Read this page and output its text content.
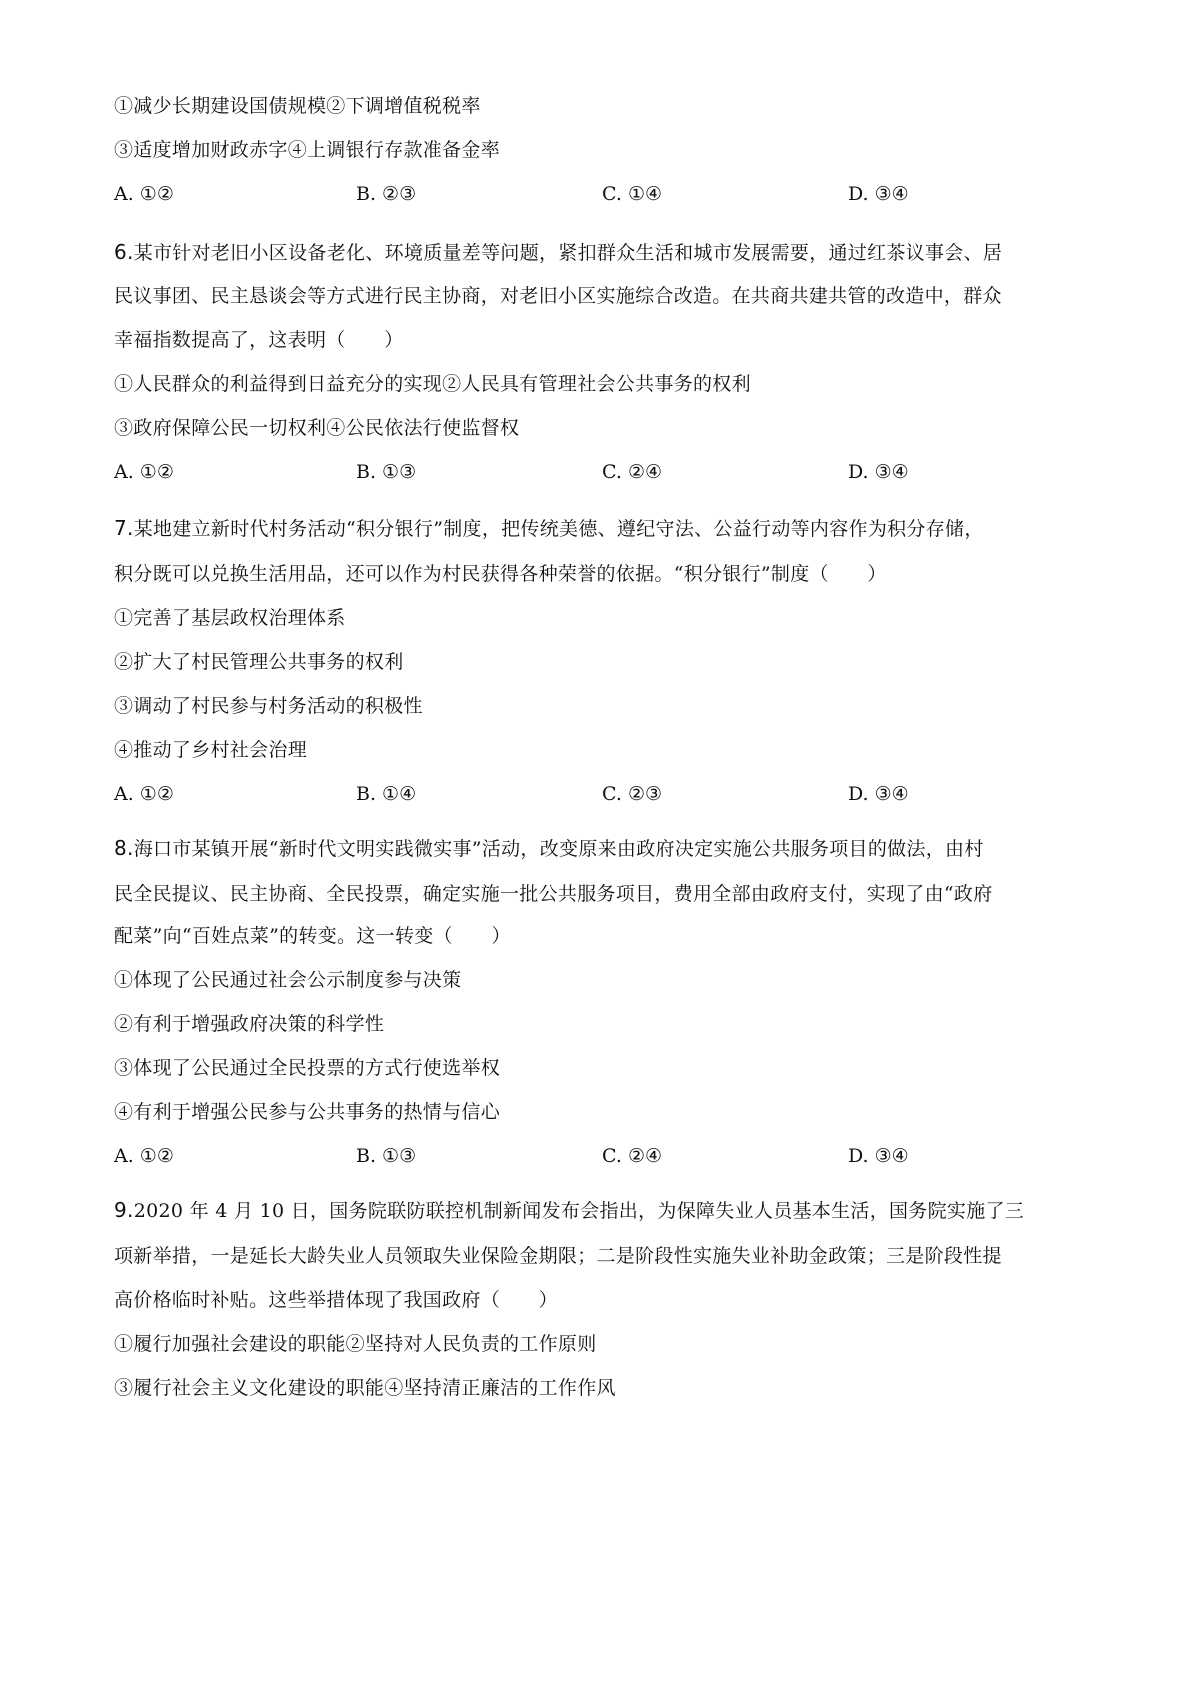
①减少长期建设国债规模②下调增值税税率
③适度增加财政赤字④上调银行存款准备金率
A. ①②	B. ②③	C. ①④	D. ③④
6.某市针对老旧小区设备老化、环境质量差等问题，紧扣群众生活和城市发展需要，通过红茶议事会、居
民议事团、民主恳谈会等方式进行民主协商，对老旧小区实施综合改造。在共商共建共管的改造中，群众
幸福指数提高了，这表明（　　）
①人民群众的利益得到日益充分的实现②人民具有管理社会公共事务的权利
③政府保障公民一切权利④公民依法行使监督权
A. ①②	B. ①③	C. ②④	D. ③④
7.某地建立新时代村务活动“积分银行”制度，把传统美德、遵纪守法、公益行动等内容作为积分存储，
积分既可以兑换生活用品，还可以作为村民获得各种荣誉的依据。“积分银行”制度（　　）
①完善了基层政权治理体系
②扩大了村民管理公共事务的权利
③调动了村民参与村务活动的积极性
④推动了乡村社会治理
A. ①②	B. ①④	C. ②③	D. ③④
8.海口市某镇开展“新时代文明实践微实事”活动，改变原来由政府决定实施公共服务项目的做法，由村
民全民提议、民主协商、全民投票，确定实施一批公共服务项目，费用全部由政府支付，实现了由“政府
配菜”向“百姓点菜”的转变。这一转变（　　）
①体现了公民通过社会公示制度参与决策
②有利于增强政府决策的科学性
③体现了公民通过全民投票的方式行使选举权
④有利于增强公民参与公共事务的热情与信心
A. ①②	B. ①③	C. ②④	D. ③④
9.2020 年 4 月 10 日，国务院联防联控机制新闻发布会指出，为保障失业人员基本生活，国务院实施了三
项新举措，一是延长大龄失业人员领取失业保险金期限；二是阶段性实施失业补助金政策；三是阶段性提
高价格临时补贴。这些举措体现了我国政府（　　）
①履行加强社会建设的职能②坚持对人民负责的工作原则
③履行社会主义文化建设的职能④坚持清正廉洁的工作作风
